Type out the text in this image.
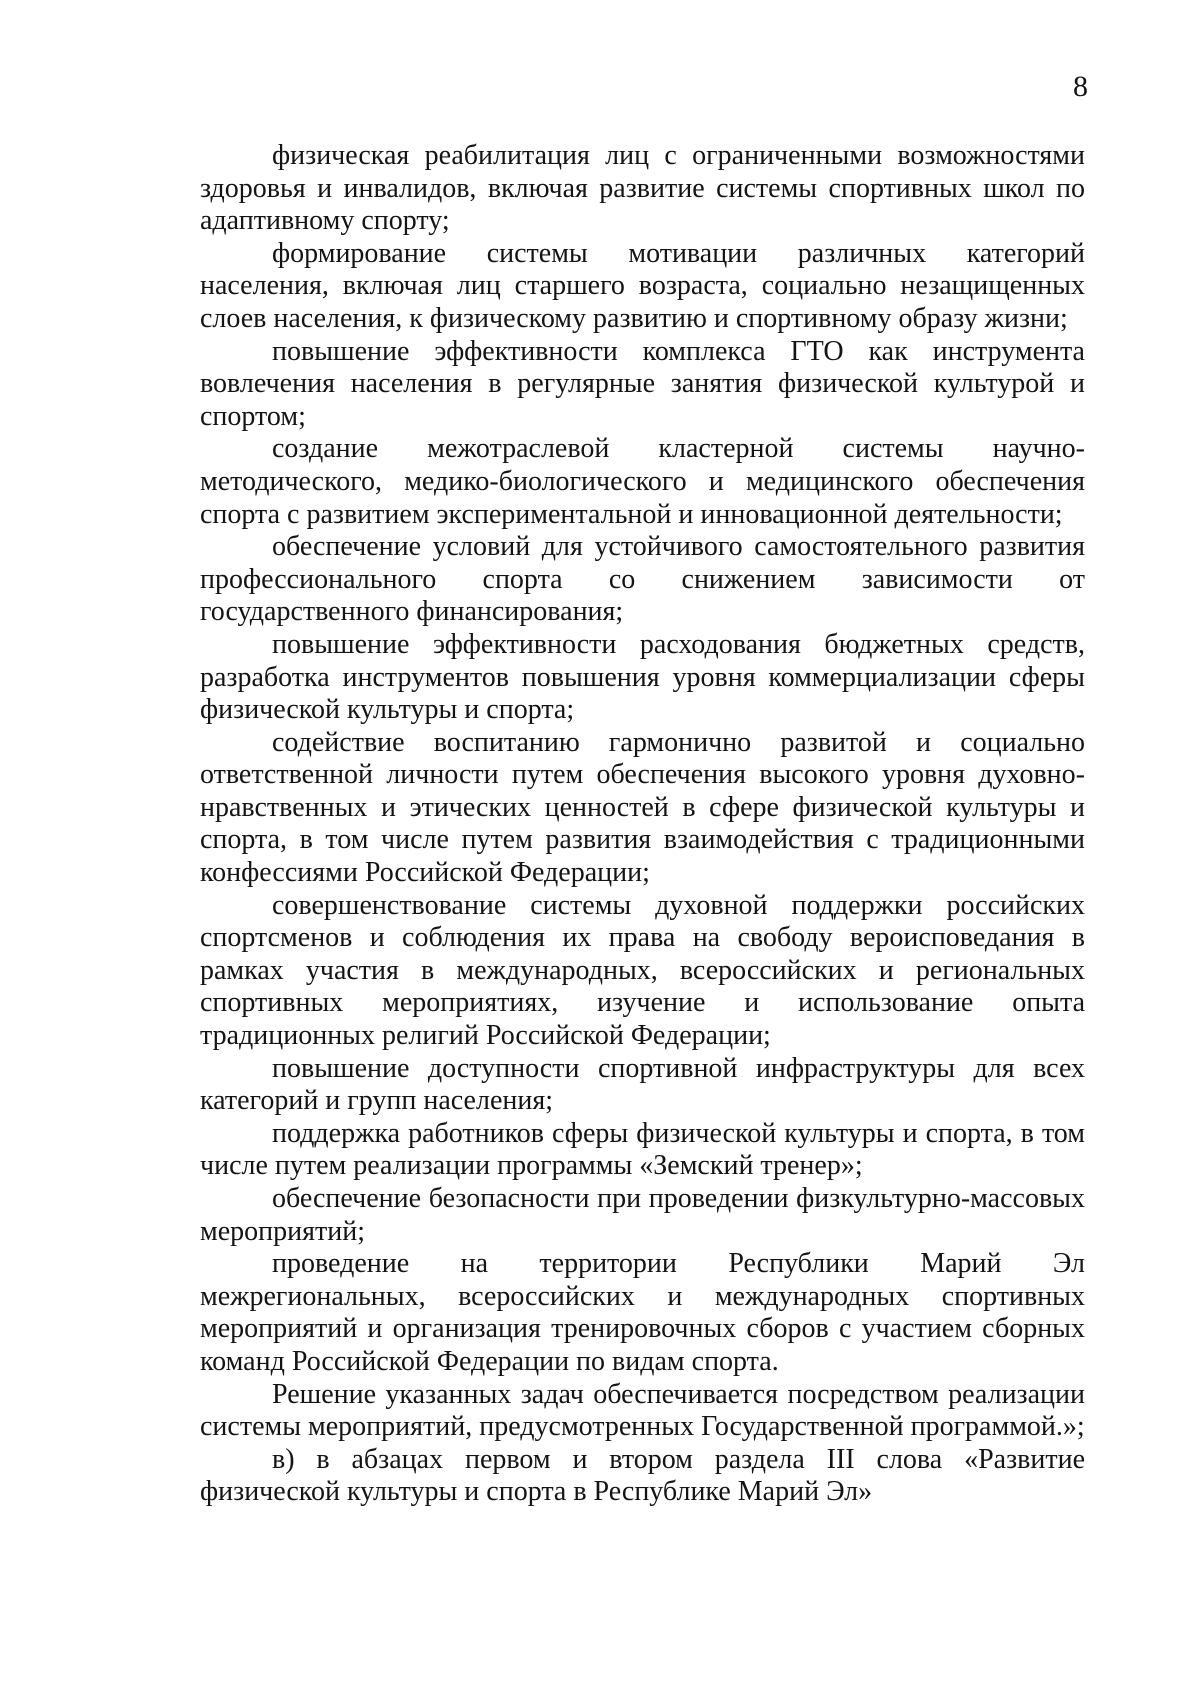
8

физическая реабилитация лиц с ограниченными возможностями здоровья и инвалидов, включая развитие системы спортивных школ по адаптивному спорту;

формирование системы мотивации различных категорий населения, включая лиц старшего возраста, социально незащищенных слоев населения, к физическому развитию и спортивному образу жизни;

повышение эффективности комплекса ГТО как инструмента вовлечения населения в регулярные занятия физической культурой и спортом;

создание межотраслевой кластерной системы научно-методического, медико-биологического и медицинского обеспечения спорта с развитием экспериментальной и инновационной деятельности;

обеспечение условий для устойчивого самостоятельного развития профессионального спорта со снижением зависимости от государственного финансирования;

повышение эффективности расходования бюджетных средств, разработка инструментов повышения уровня коммерциализации сферы физической культуры и спорта;

содействие воспитанию гармонично развитой и социально ответственной личности путем обеспечения высокого уровня духовно-нравственных и этических ценностей в сфере физической культуры и спорта, в том числе путем развития взаимодействия с традиционными конфессиями Российской Федерации;

совершенствование системы духовной поддержки российских спортсменов и соблюдения их права на свободу вероисповедания в рамках участия в международных, всероссийских и региональных спортивных мероприятиях, изучение и использование опыта традиционных религий Российской Федерации;

повышение доступности спортивной инфраструктуры для всех категорий и групп населения;

поддержка работников сферы физической культуры и спорта, в том числе путем реализации программы «Земский тренер»;

обеспечение безопасности при проведении физкультурно-массовых мероприятий;

проведение на территории Республики Марий Эл межрегиональных, всероссийских и международных спортивных мероприятий и организация тренировочных сборов с участием сборных команд Российской Федерации по видам спорта.

Решение указанных задач обеспечивается посредством реализации системы мероприятий, предусмотренных Государственной программой.»;

в) в абзацах первом и втором раздела III слова «Развитие физической культуры и спорта в Республике Марий Эл»
